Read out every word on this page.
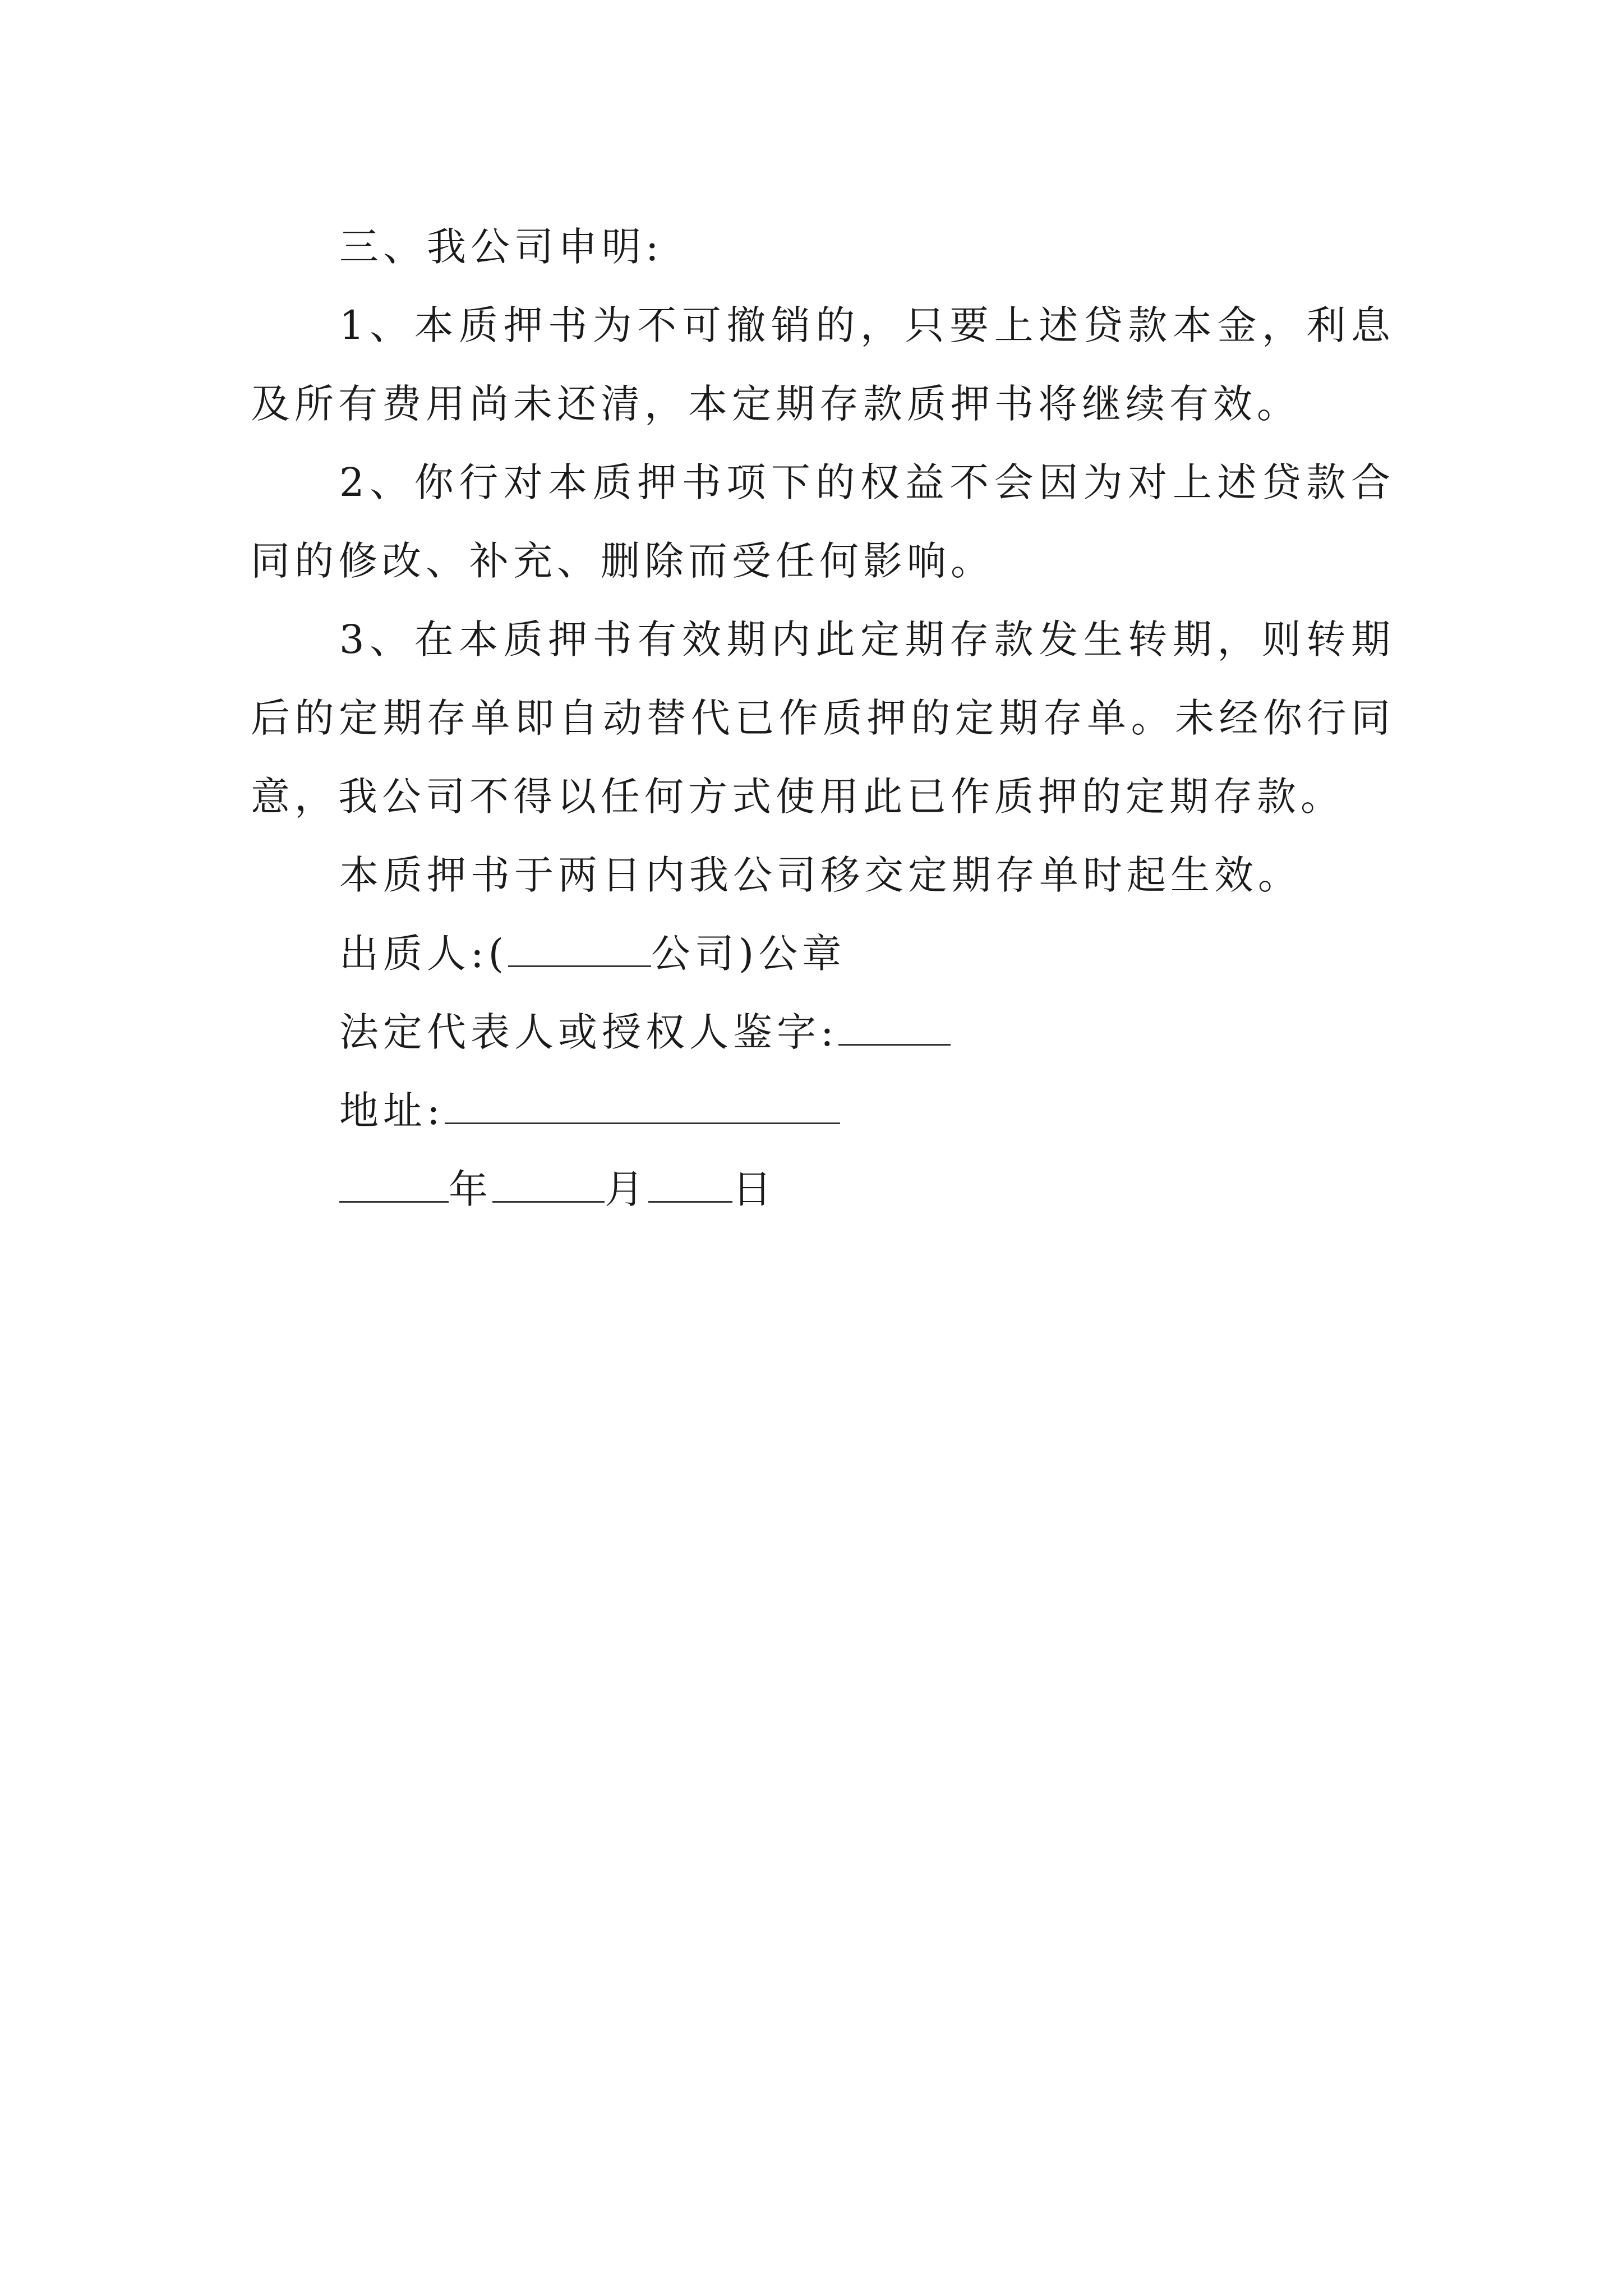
三、我公司申明:

1、本质押书为不可撤销的，只要上述贷款本金，利息及所有费用尚未还清，本定期存款质押书将继续有效。

2、你行对本质押书项下的权益不会因为对上述贷款合同的修改、补充、删除而受任何影响。

3、在本质押书有效期内此定期存款发生转期，则转期后的定期存单即自动替代已作质押的定期存单。未经你行同意，我公司不得以任何方式使用此已作质押的定期存款。

本质押书于两日内我公司移交定期存单时起生效。

出质人:(	公司)公章

法定代表人或授权人鉴字:

地址:

年	月 日
